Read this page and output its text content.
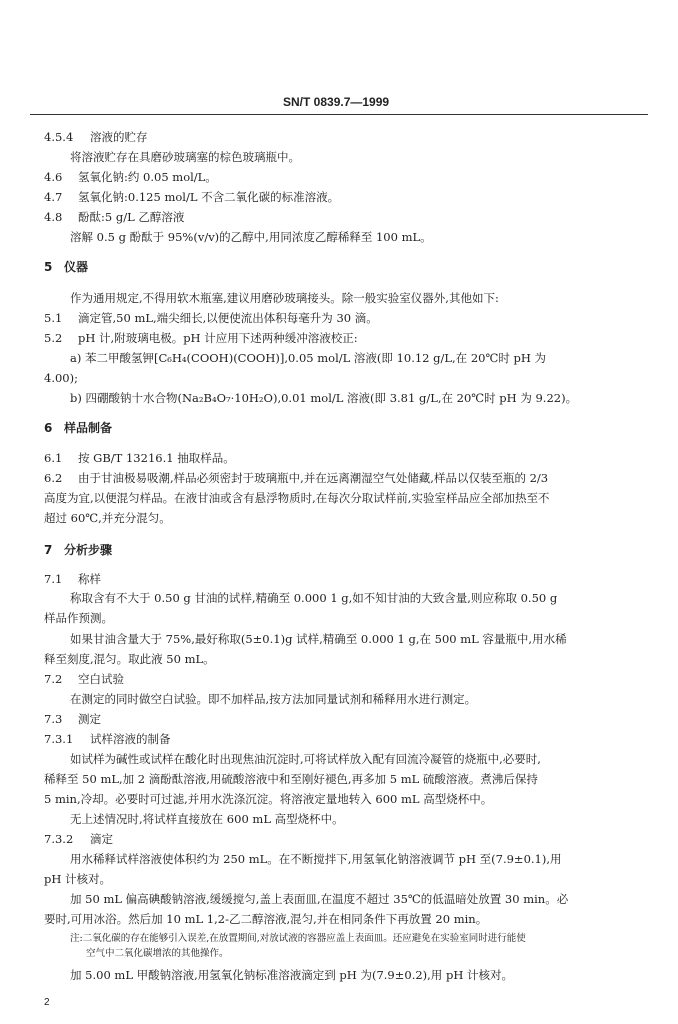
SN/T 0839.7—1999
4.5.4 溶液的贮存
将溶液贮存在具磨砂玻璃塞的棕色玻璃瓶中。
4.6 氢氧化钠:约 0.05 mol/L。
4.7 氢氧化钠:0.125 mol/L 不含二氧化碳的标准溶液。
4.8 酚酞:5 g/L 乙醇溶液
溶解 0.5 g 酚酞于 95%(v/v)的乙醇中,用同浓度乙醇稀释至 100 mL。
5 仪器
作为通用规定,不得用软木瓶塞,建议用磨砂玻璃接头。除一般实验室仪器外,其他如下:
5.1 滴定管,50 mL,端尖细长,以便使流出体积每毫升为 30 滴。
5.2 pH 计,附玻璃电极。pH 计应用下述两种缓冲溶液校正:
a) 苯二甲酸氢钾[C₆H₄(COOH)(COOH)],0.05 mol/L 溶液(即 10.12 g/L,在 20℃时 pH 为
4.00);
b) 四硼酸钠十水合物(Na₂B₄O₇·10H₂O),0.01 mol/L 溶液(即 3.81 g/L,在 20℃时 pH 为 9.22)。
6 样品制备
6.1 按 GB/T 13216.1 抽取样品。
6.2 由于甘油极易吸潮,样品必须密封于玻璃瓶中,并在远离潮湿空气处储藏,样品以仅装至瓶的 2/3
高度为宜,以便混匀样品。在液甘油或含有悬浮物质时,在每次分取试样前,实验室样品应全部加热至不
超过 60℃,并充分混匀。
7 分析步骤
7.1 称样
称取含有不大于 0.50 g 甘油的试样,精确至 0.000 1 g,如不知甘油的大致含量,则应称取 0.50 g
样品作预测。
如果甘油含量大于 75%,最好称取(5±0.1)g 试样,精确至 0.000 1 g,在 500 mL 容量瓶中,用水稀
释至刻度,混匀。取此液 50 mL。
7.2 空白试验
在测定的同时做空白试验。即不加样品,按方法加同量试剂和稀释用水进行测定。
7.3 测定
7.3.1 试样溶液的制备
如试样为碱性或试样在酸化时出现焦油沉淀时,可将试样放入配有回流冷凝管的烧瓶中,必要时,
稀释至 50 mL,加 2 滴酚酞溶液,用硫酸溶液中和至刚好褪色,再多加 5 mL 硫酸溶液。煮沸后保持
5 min,冷却。必要时可过滤,并用水洗涤沉淀。将溶液定量地转入 600 mL 高型烧杯中。
无上述情况时,将试样直接放在 600 mL 高型烧杯中。
7.3.2 滴定
用水稀释试样溶液使体积约为 250 mL。在不断搅拌下,用氢氧化钠溶液调节 pH 至(7.9±0.1),用
pH 计核对。
加 50 mL 偏高碘酸钠溶液,缓缓搅匀,盖上表面皿,在温度不超过 35℃的低温暗处放置 30 min。必
要时,可用冰浴。然后加 10 mL 1,2-乙二醇溶液,混匀,并在相同条件下再放置 20 min。
注:二氧化碳的存在能够引入误差,在放置期间,对放试液的容器应盖上表面皿。还应避免在实验室同时进行能使
空气中二氧化碳增浓的其他操作。
加 5.00 mL 甲酸钠溶液,用氢氧化钠标准溶液滴定到 pH 为(7.9±0.2),用 pH 计核对。
2
